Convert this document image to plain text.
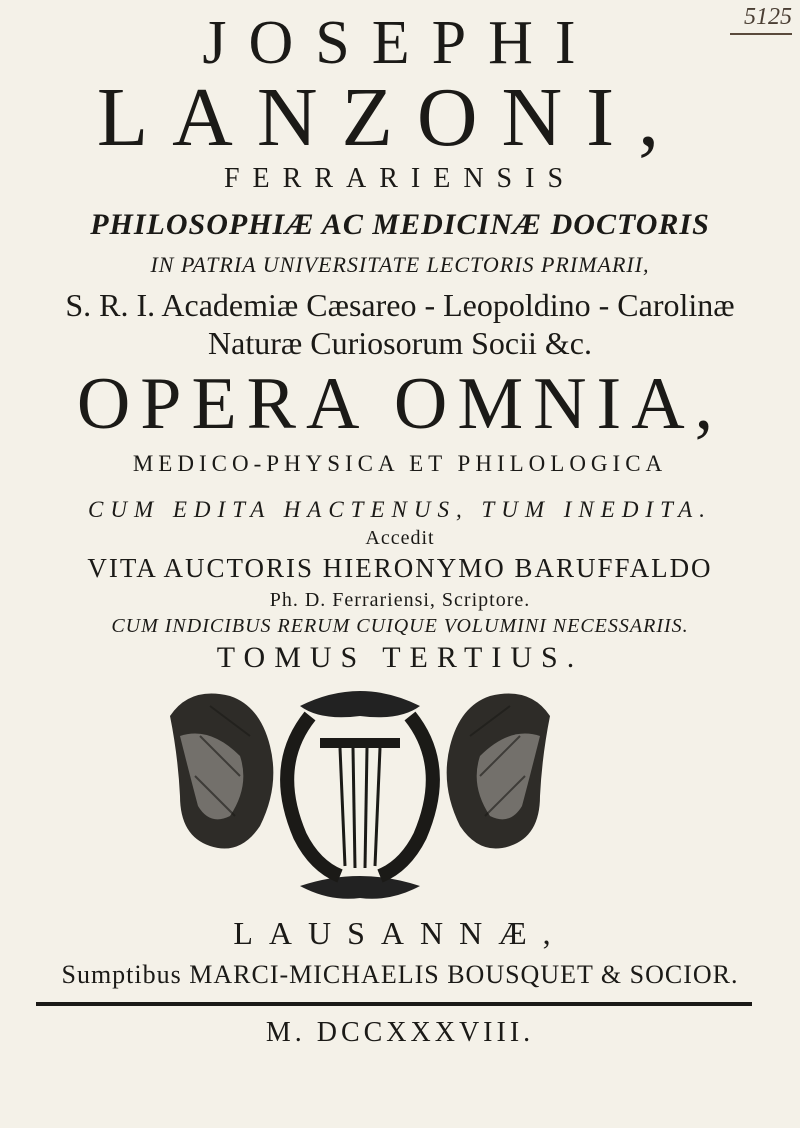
5125
JOSEPHI
LANZONI,
FERRARIENSIS
PHILOSOPHIÆ AC MEDICINÆ DOCTORIS
IN PATRIA UNIVERSITATE LECTORIS PRIMARII,
S. R. I. Academiæ Cæsareo - Leopoldino - Carolinæ
Naturæ Curiosorum Socii &c.
OPERA OMNIA,
MEDICO-PHYSICA ET PHILOLOGICA
CUM EDITA HACTENUS, TUM INEDITA.
Accedit
VITA AUCTORIS HIERONYMO BARUFFALDO
Ph. D. Ferrariensi, Scriptore.
CUM INDICIBUS RERUM CUIQUE VOLUMINI NECESSARIIS.
TOMUS TERTIUS.
LAUSANNÆ,
Sumptibus MARCI-MICHAELIS BOUSQUET & SOCIOR.
M. DCCXXXVIII.
